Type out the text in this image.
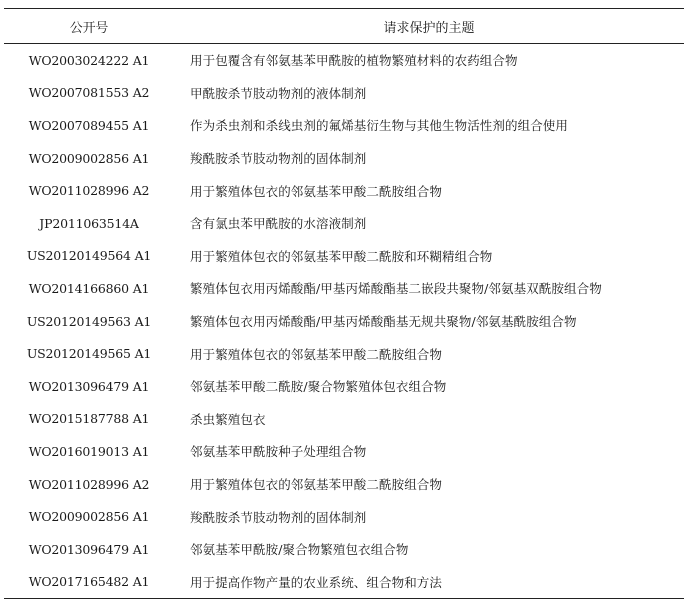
公开号	请求保护的主题
WO2003024222 A1	用于包覆含有邻氨基苯甲酰胺的植物繁殖材料的农药组合物
WO2007081553 A2	甲酰胺杀节肢动物剂的液体制剂
WO2007089455 A1	作为杀虫剂和杀线虫剂的氟烯基衍生物与其他生物活性剂的组合使用
WO2009002856 A1	羧酰胺杀节肢动物剂的固体制剂
WO2011028996 A2	用于繁殖体包衣的邻氨基苯甲酸二酰胺组合物
JP2011063514A	含有氯虫苯甲酰胺的水溶液制剂
US20120149564 A1	用于繁殖体包衣的邻氨基苯甲酸二酰胺和环糊精组合物
WO2014166860 A1	繁殖体包衣用丙烯酸酯/甲基丙烯酸酯基二嵌段共聚物/邻氨基双酰胺组合物
US20120149563 A1	繁殖体包衣用丙烯酸酯/甲基丙烯酸酯基无规共聚物/邻氨基酰胺组合物
US20120149565 A1	用于繁殖体包衣的邻氨基苯甲酸二酰胺组合物
WO2013096479 A1	邻氨基苯甲酸二酰胺/聚合物繁殖体包衣组合物
WO2015187788 A1	杀虫繁殖包衣
WO2016019013 A1	邻氨基苯甲酰胺种子处理组合物
WO2011028996 A2	用于繁殖体包衣的邻氨基苯甲酸二酰胺组合物
WO2009002856 A1	羧酰胺杀节肢动物剂的固体制剂
WO2013096479 A1	邻氨基苯甲酰胺/聚合物繁殖包衣组合物
WO2017165482 A1	用于提高作物产量的农业系统、组合物和方法
